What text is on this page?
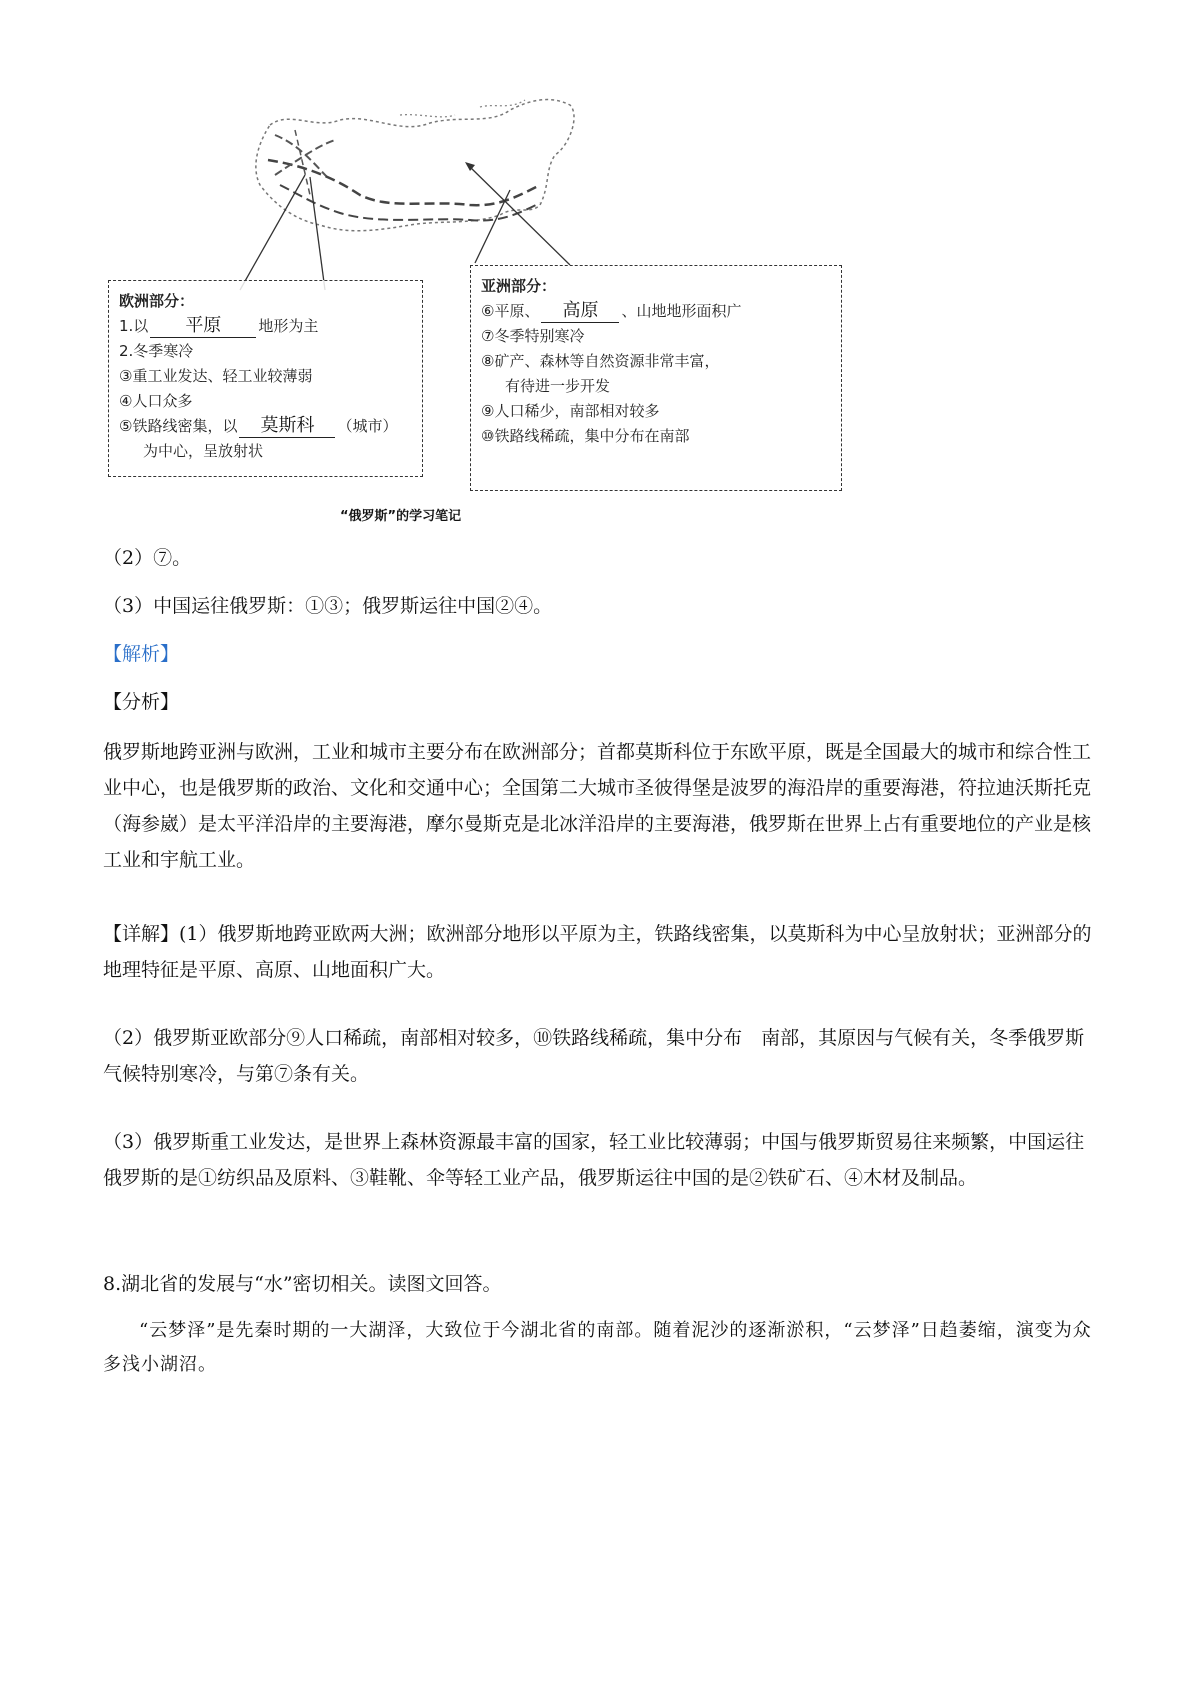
欧洲部分：
1.以 平原 地形为主
2.冬季寒冷
③重工业发达、轻工业较薄弱
④人口众多
⑤铁路线密集，以 莫斯科 （城市）
为中心，呈放射状
亚洲部分：
⑥平原、 高原 、山地地形面积广
⑦冬季特别寒冷
⑧矿产、森林等自然资源非常丰富，
有待进一步开发
⑨人口稀少，南部相对较多
⑩铁路线稀疏，集中分布在南部
“俄罗斯”的学习笔记
（2）⑦。
（3）中国运往俄罗斯：①③；俄罗斯运往中国②④。
【解析】
【分析】

俄罗斯地跨亚洲与欧洲，工业和城市主要分布在欧洲部分；首都莫斯科位于东欧平原，既是全国最大的城市和综合性工业中心，也是俄罗斯的政治、文化和交通中心；全国第二大城市圣彼得堡是波罗的海沿岸的重要海港，符拉迪沃斯托克（海参崴）是太平洋沿岸的主要海港，摩尔曼斯克是北冰洋沿岸的主要海港，俄罗斯在世界上占有重要地位的产业是核工业和宇航工业。

【详解】(1）俄罗斯地跨亚欧两大洲；欧洲部分地形以平原为主，铁路线密集，以莫斯科为中心呈放射状；亚洲部分的地理特征是平原、高原、山地面积广大。

（2）俄罗斯亚欧部分⑨人口稀疏，南部相对较多，⑩铁路线稀疏，集中分布　南部，其原因与气候有关，冬季俄罗斯气候特别寒冷，与第⑦条有关。

（3）俄罗斯重工业发达，是世界上森林资源最丰富的国家，轻工业比较薄弱；中国与俄罗斯贸易往来频繁，中国运往俄罗斯的是①纺织品及原料、③鞋靴、伞等轻工业产品，俄罗斯运往中国的是②铁矿石、④木材及制品。

8.湖北省的发展与“水”密切相关。读图文回答。
“云梦泽”是先秦时期的一大湖泽，大致位于今湖北省的南部。随着泥沙的逐渐淤积，“云梦泽”日趋萎缩，演变为众多浅小湖沼。
